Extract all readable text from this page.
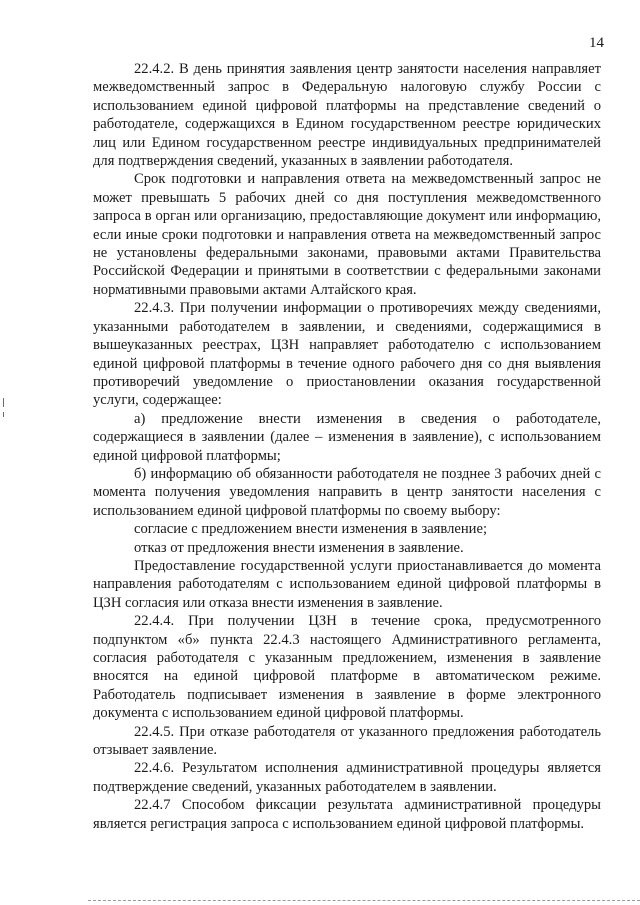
14

22.4.2. В день принятия заявления центр занятости населения направляет межведомственный запрос в Федеральную налоговую службу России с использованием единой цифровой платформы на представление сведений о работодателе, содержащихся в Едином государственном реестре юридических лиц или Едином государственном реестре индивидуальных предпринимателей для подтверждения сведений, указанных в заявлении работодателя.

Срок подготовки и направления ответа на межведомственный запрос не может превышать 5 рабочих дней со дня поступления межведомственного запроса в орган или организацию, предоставляющие документ или информацию, если иные сроки подготовки и направления ответа на межведомственный запрос не установлены федеральными законами, правовыми актами Правительства Российской Федерации и принятыми в соответствии с федеральными законами нормативными правовыми актами Алтайского края.

22.4.3. При получении информации о противоречиях между сведениями, указанными работодателем в заявлении, и сведениями, содержащимися в вышеуказанных реестрах, ЦЗН направляет работодателю с использованием единой цифровой платформы в течение одного рабочего дня со дня выявления противоречий уведомление о приостановлении оказания государственной услуги, содержащее:

а) предложение внести изменения в сведения о работодателе, содержащиеся в заявлении (далее – изменения в заявление), с использованием единой цифровой платформы;

б) информацию об обязанности работодателя не позднее 3 рабочих дней с момента получения уведомления направить в центр занятости населения с использованием единой цифровой платформы по своему выбору:

согласие с предложением внести изменения в заявление;

отказ от предложения внести изменения в заявление.

Предоставление государственной услуги приостанавливается до момента направления работодателям с использованием единой цифровой платформы в ЦЗН согласия или отказа внести изменения в заявление.

22.4.4. При получении ЦЗН в течение срока, предусмотренного подпунктом «б» пункта 22.4.3 настоящего Административного регламента, согласия работодателя с указанным предложением, изменения в заявление вносятся на единой цифровой платформе в автоматическом режиме. Работодатель подписывает изменения в заявление в форме электронного документа с использованием единой цифровой платформы.

22.4.5. При отказе работодателя от указанного предложения работодатель отзывает заявление.

22.4.6. Результатом исполнения административной процедуры является подтверждение сведений, указанных работодателем в заявлении.

22.4.7 Способом фиксации результата административной процедуры является регистрация запроса с использованием единой цифровой платформы.
